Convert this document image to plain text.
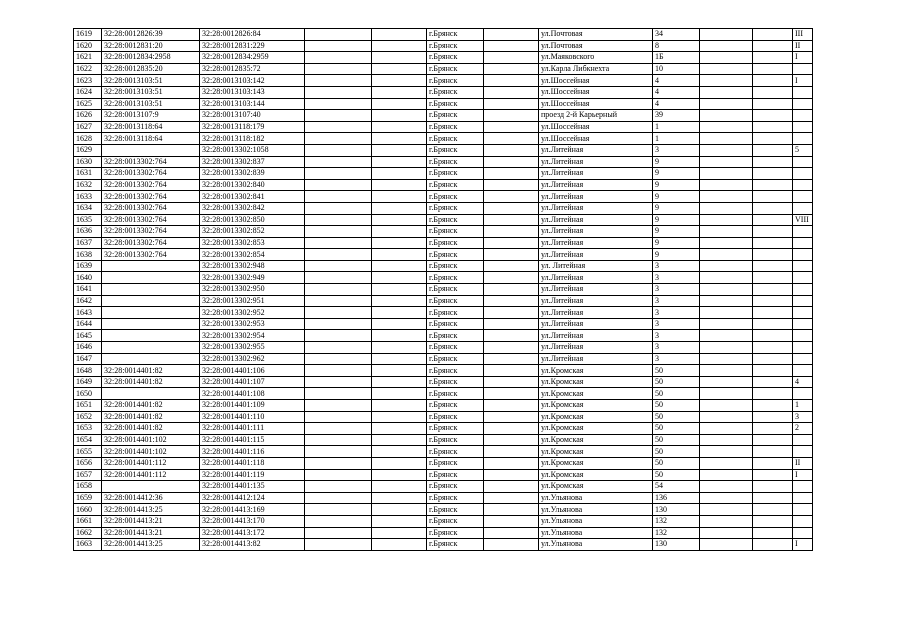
1619	32:28:0012826:39	32:28:0012826:84			г.Брянск		ул.Почтовая	34			III
1620	32:28:0012831:20	32:28:0012831:229			г.Брянск		ул.Почтовая	8			II
1621	32:28:0012834:2958	32:28:0012834:2959			г.Брянск		ул.Маяковского	1Б			I
1622	32:28:0012835:20	32:28:0012835:72			г.Брянск		ул.Карла Либкнехта	10			
1623	32:28:0013103:51	32:28:0013103:142			г.Брянск		ул.Шоссейная	4			I
1624	32:28:0013103:51	32:28:0013103:143			г.Брянск		ул.Шоссейная	4			
1625	32:28:0013103:51	32:28:0013103:144			г.Брянск		ул.Шоссейная	4			
1626	32:28:0013107:9	32:28:0013107:40			г.Брянск		проезд 2-й Карьерный	39			
1627	32:28:0013118:64	32:28:0013118:179			г.Брянск		ул.Шоссейная	1			
1628	32:28:0013118:64	32:28:0013118:182			г.Брянск		ул.Шоссейная	1			
1629		32:28:0013302:1058			г.Брянск		ул.Литейная	3			5
1630	32:28:0013302:764	32:28:0013302:837			г.Брянск		ул.Литейная	9			
1631	32:28:0013302:764	32:28:0013302:839			г.Брянск		ул.Литейная	9			
1632	32:28:0013302:764	32:28:0013302:840			г.Брянск		ул.Литейная	9			
1633	32:28:0013302:764	32:28:0013302:841			г.Брянск		ул.Литейная	9			
1634	32:28:0013302:764	32:28:0013302:842			г.Брянск		ул.Литейная	9			
1635	32:28:0013302:764	32:28:0013302:850			г.Брянск		ул.Литейная	9			VIII
1636	32:28:0013302:764	32:28:0013302:852			г.Брянск		ул.Литейная	9			
1637	32:28:0013302:764	32:28:0013302:853			г.Брянск		ул.Литейная	9			
1638	32:28:0013302:764	32:28:0013302:854			г.Брянск		ул.Литейная	9			
1639		32:28:0013302:948			г.Брянск		ул. Литейная	3			
1640		32:28:0013302:949			г.Брянск		ул.Литейная	3			
1641		32:28:0013302:950			г.Брянск		ул.Литейная	3			
1642		32:28:0013302:951			г.Брянск		ул.Литейная	3			
1643		32:28:0013302:952			г.Брянск		ул.Литейная	3			
1644		32:28:0013302:953			г.Брянск		ул.Литейная	3			
1645		32:28:0013302:954			г.Брянск		ул.Литейная	3			
1646		32:28:0013302:955			г.Брянск		ул.Литейная	3			
1647		32:28:0013302:962			г.Брянск		ул.Литейная	3			
1648	32:28:0014401:82	32:28:0014401:106			г.Брянск		ул.Кромская	50			
1649	32:28:0014401:82	32:28:0014401:107			г.Брянск		ул.Кромская	50			4
1650		32:28:0014401:108			г.Брянск		ул.Кромская	50			
1651	32:28:0014401:82	32:28:0014401:109			г.Брянск		ул.Кромская	50			1
1652	32:28:0014401:82	32:28:0014401:110			г.Брянск		ул.Кромская	50			3
1653	32:28:0014401:82	32:28:0014401:111			г.Брянск		ул.Кромская	50			2
1654	32:28:0014401:102	32:28:0014401:115			г.Брянск		ул.Кромская	50			
1655	32:28:0014401:102	32:28:0014401:116			г.Брянск		ул.Кромская	50			
1656	32:28:0014401:112	32:28:0014401:118			г.Брянск		ул.Кромская	50			II
1657	32:28:0014401:112	32:28:0014401:119			г.Брянск		ул.Кромская	50			I
1658		32:28:0014401:135			г.Брянск		ул.Кромская	54			
1659	32:28:0014412:36	32:28:0014412:124			г.Брянск		ул.Ульянова	136			
1660	32:28:0014413:25	32:28:0014413:169			г.Брянск		ул.Ульянова	130			
1661	32:28:0014413:21	32:28:0014413:170			г.Брянск		ул.Ульянова	132			
1662	32:28:0014413:21	32:28:0014413:172			г.Брянск		ул.Ульянова	132			
1663	32:28:0014413:25	32:28:0014413:82			г.Брянск		ул.Ульянова	130			I
